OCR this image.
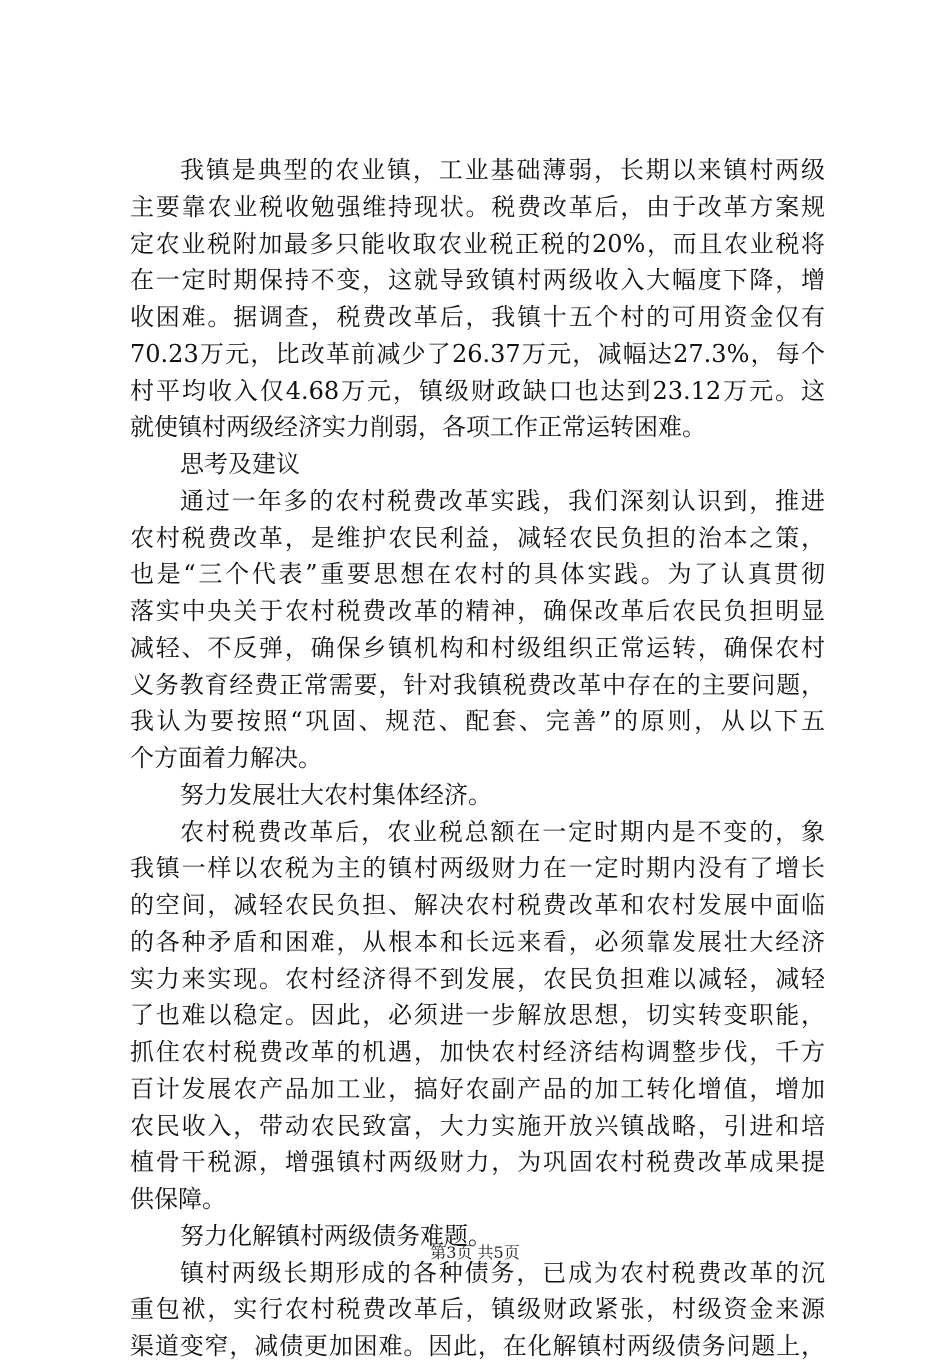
我镇是典型的农业镇，工业基础薄弱，长期以来镇村两级
主要靠农业税收勉强维持现状。税费改革后，由于改革方案规
定农业税附加最多只能收取农业税正税的20%，而且农业税将
在一定时期保持不变，这就导致镇村两级收入大幅度下降，增
收困难。据调查，税费改革后，我镇十五个村的可用资金仅有
70.23万元，比改革前减少了26.37万元，减幅达27.3%，每个
村平均收入仅4.68万元，镇级财政缺口也达到23.12万元。这
就使镇村两级经济实力削弱，各项工作正常运转困难。
思考及建议
通过一年多的农村税费改革实践，我们深刻认识到，推进
农村税费改革，是维护农民利益，减轻农民负担的治本之策，
也是“三个代表”重要思想在农村的具体实践。为了认真贯彻
落实中央关于农村税费改革的精神，确保改革后农民负担明显
减轻、不反弹，确保乡镇机构和村级组织正常运转，确保农村
义务教育经费正常需要，针对我镇税费改革中存在的主要问题，
我认为要按照“巩固、规范、配套、完善”的原则，从以下五
个方面着力解决。
努力发展壮大农村集体经济。
农村税费改革后，农业税总额在一定时期内是不变的，象
我镇一样以农税为主的镇村两级财力在一定时期内没有了增长
的空间，减轻农民负担、解决农村税费改革和农村发展中面临
的各种矛盾和困难，从根本和长远来看，必须靠发展壮大经济
实力来实现。农村经济得不到发展，农民负担难以减轻，减轻
了也难以稳定。因此，必须进一步解放思想，切实转变职能，
抓住农村税费改革的机遇，加快农村经济结构调整步伐，千方
百计发展农产品加工业，搞好农副产品的加工转化增值，增加
农民收入，带动农民致富，大力实施开放兴镇战略，引进和培
植骨干税源，增强镇村两级财力，为巩固农村税费改革成果提
供保障。
努力化解镇村两级债务难题。
镇村两级长期形成的各种债务，已成为农村税费改革的沉
重包袱，实行农村税费改革后，镇级财政紧张，村级资金来源
渠道变窄，减债更加困难。因此，在化解镇村两级债务问题上，
第3页 共5页
